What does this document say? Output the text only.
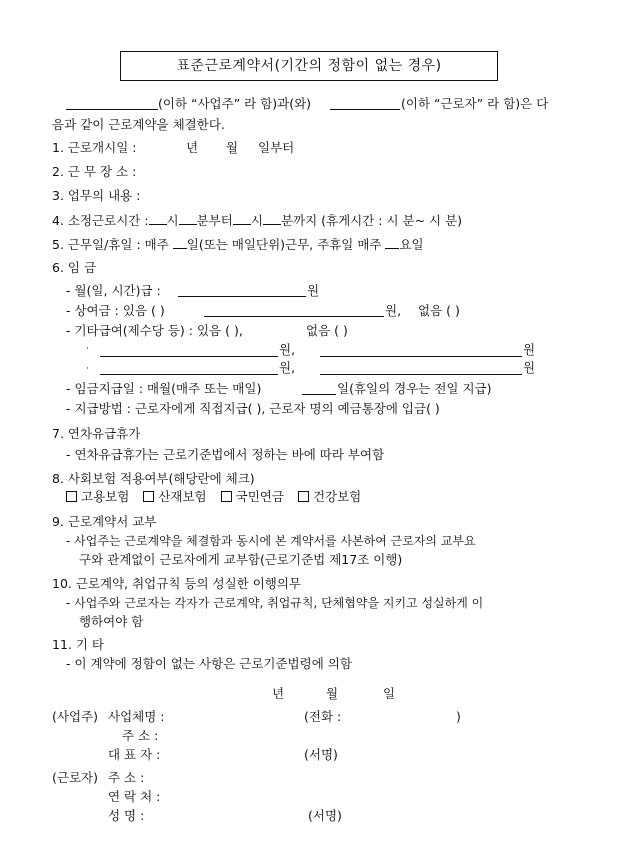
표준근로계약서(기간의 정함이 없는 경우)
(이하 “사업주” 라 함)과(와)	(이하 “근로자” 라 함)은 다
음과 같이 근로계약을 체결한다.
1. 근로개시일 :	년 월 일부터
2. 근 무 장 소 :
3. 업무의 내용 :
4. 소정근로시간 : 시 분부터 시 분까지 (휴게시간 : 시 분~ 시 분)
5. 근무일/휴일 : 매주 일(또는 매일단위)근무, 주휴일 매주 요일
6. 임 금
- 월(일, 시간)급 :	원
- 상여금 : 있음 ( )	원, 없음 ( )
- 기타급여(제수당 등) : 있음 ( ),	없음 ( )
·	원,	원
·	원,	원
- 임금지급일 : 매월(매주 또는 매일)	일(휴일의 경우는 전일 지급)
- 지급방법 : 근로자에게 직접지급( ), 근로자 명의 예금통장에 입금( )
7. 연차유급휴가
- 연차유급휴가는 근로기준법에서 정하는 바에 따라 부여함
8. 사회보험 적용여부(해당란에 체크)
고용보험 산재보험 국민연금 건강보험
9. 근로계약서 교부
- 사업주는 근로계약을 체결함과 동시에 본 계약서를 사본하여 근로자의 교부요
구와 관계없이 근로자에게 교부함(근로기준법 제17조 이행)
10. 근로계약, 취업규칙 등의 성실한 이행의무
- 사업주와 근로자는 각자가 근로계약, 취업규칙, 단체협약을 지키고 성실하게 이
행하여야 함
11. 기 타
- 이 계약에 정함이 없는 사항은 근로기준법령에 의함
년	월	일
(사업주) 사업체명 :	(전화 :	)
주 소 :
대 표 자 :	(서명)
(근로자) 주 소 :
연 락 처 :
성 명 :	(서명)
